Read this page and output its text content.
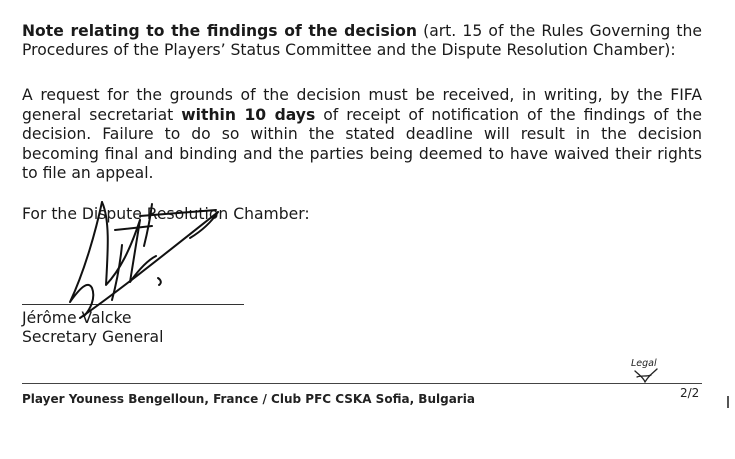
Note relating to the findings of the decision (art. 15 of the Rules Governing the Procedures of the Players’ Status Committee and the Dispute Resolution Chamber):
A request for the grounds of the decision must be received, in writing, by the FIFA general secretariat within 10 days of receipt of notification of the findings of the decision. Failure to do so within the stated deadline will result in the decision becoming final and binding and the parties being deemed to have waived their rights to file an appeal.
For the Dispute Resolution Chamber:
Jérôme Valcke
Secretary General
Legal
Player Youness Bengelloun, France / Club PFC CSKA Sofia, Bulgaria	2/2
